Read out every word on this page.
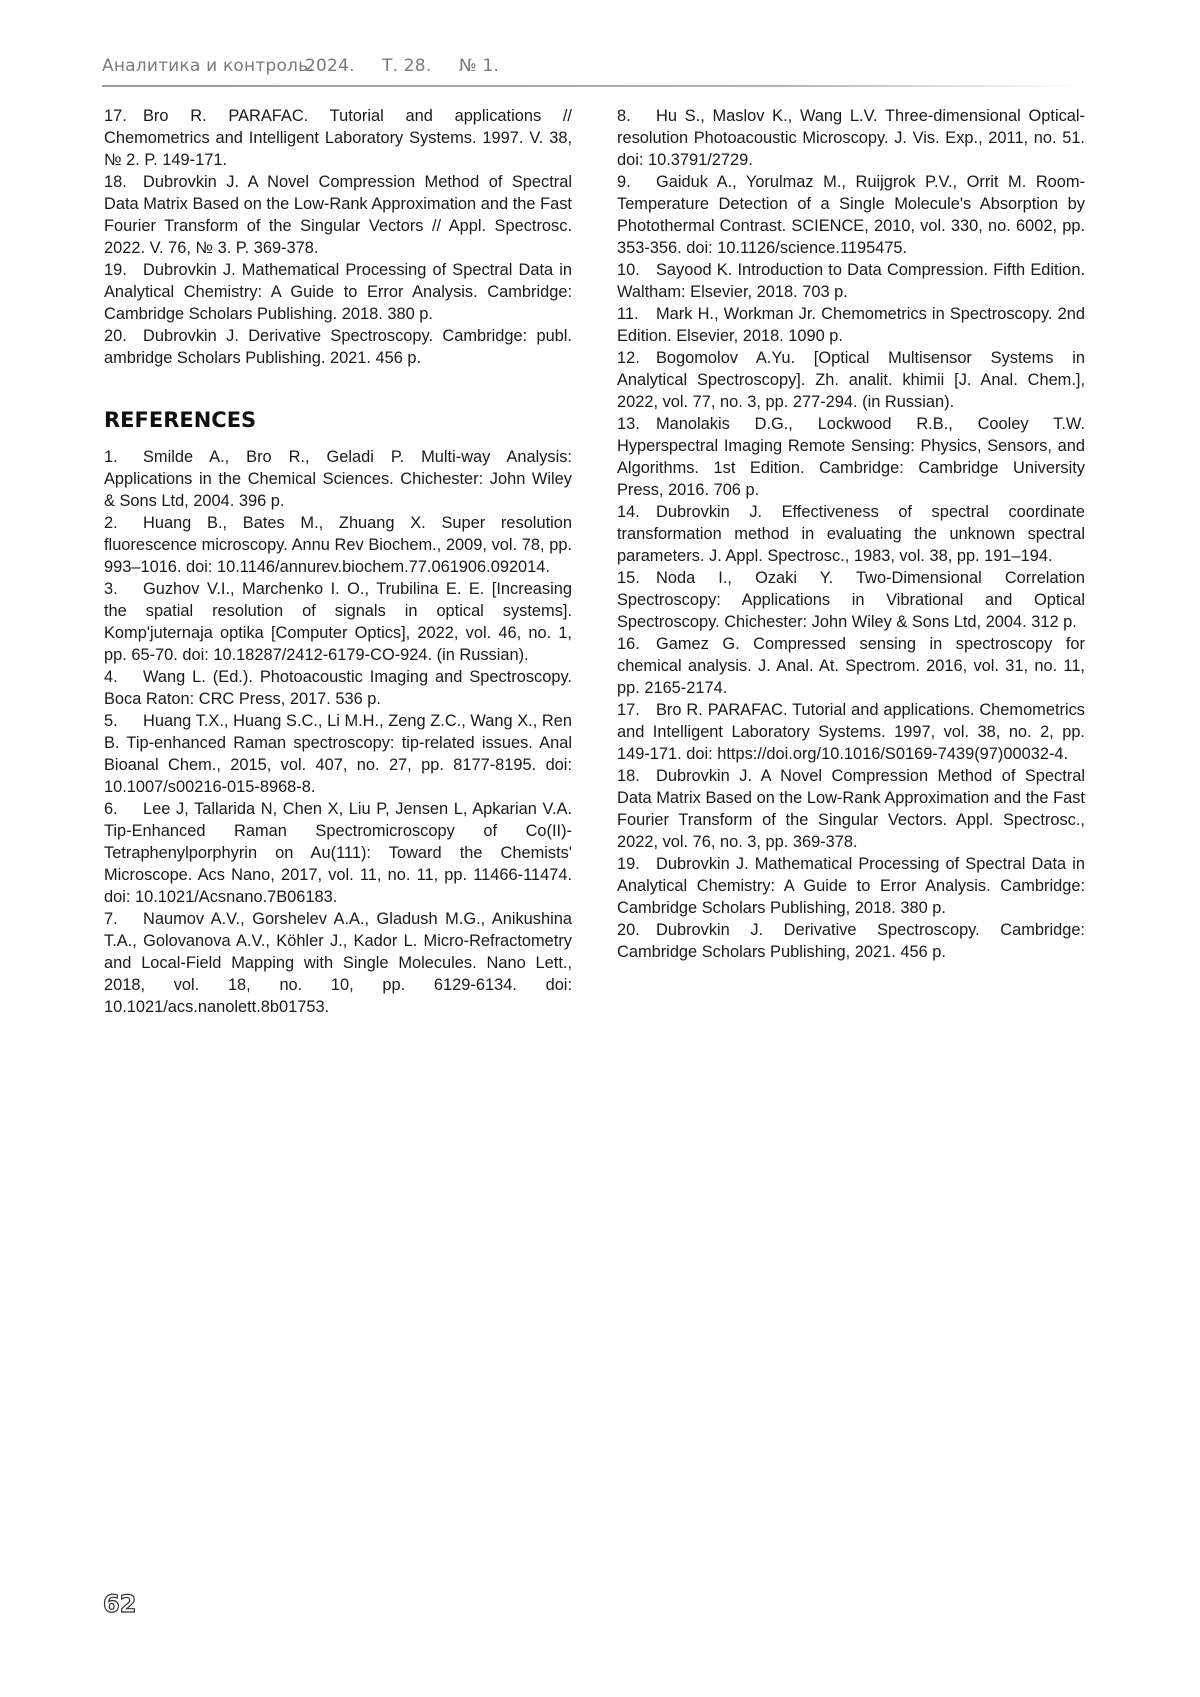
Аналитика и контроль.
2024. Т. 28. № 1.

17. Bro R. PARAFAC. Tutorial and applications // Chemometrics and Intelligent Laboratory Systems. 1997. V. 38, № 2. P. 149-171.

18. Dubrovkin J. A Novel Compression Method of Spectral Data Matrix Based on the Low-Rank Approximation and the Fast Fourier Transform of the Singular Vectors // Appl. Spectrosc. 2022. V. 76, № 3. P. 369-378.

19. Dubrovkin J. Mathematical Processing of Spectral Data in Analytical Chemistry: A Guide to Error Analysis. Cambridge: Cambridge Scholars Publishing. 2018. 380 p.

20. Dubrovkin J. Derivative Spectroscopy. Cambridge: publ. ambridge Scholars Publishing. 2021. 456 p.

REFERENCES

1. Smilde A., Bro R., Geladi P. Multi-way Analysis: Applications in the Chemical Sciences. Chichester: John Wiley & Sons Ltd, 2004. 396 p.

2. Huang B., Bates M., Zhuang X. Super resolution fluorescence microscopy. Annu Rev Biochem., 2009, vol. 78, pp. 993–1016. doi: 10.1146/annurev.biochem.77.061906.092014.

3. Guzhov V.I., Marchenko I. O., Trubilina E. E. [Increasing the spatial resolution of signals in optical systems]. Komp'juternaja optika [Computer Optics], 2022, vol. 46, no. 1, pp. 65-70. doi: 10.18287/2412-6179-CO-924. (in Russian).

4. Wang L. (Ed.). Photoacoustic Imaging and Spectroscopy. Boca Raton: CRC Press, 2017. 536 p.

5. Huang T.X., Huang S.C., Li M.H., Zeng Z.C., Wang X., Ren B. Tip-enhanced Raman spectroscopy: tip-related issues. Anal Bioanal Chem., 2015, vol. 407, no. 27, pp. 8177-8195. doi: 10.1007/s00216-015-8968-8.

6. Lee J, Tallarida N, Chen X, Liu P, Jensen L, Apkarian V.A. Tip-Enhanced Raman Spectromicroscopy of Co(II)-Tetraphenylporphyrin on Au(111): Toward the Chemists' Microscope. Acs Nano, 2017, vol. 11, no. 11, pp. 11466-11474. doi: 10.1021/Acsnano.7B06183.

7. Naumov A.V., Gorshelev A.A., Gladush M.G., Anikushina T.A., Golovanova A.V., Köhler J., Kador L. Micro-Refractometry and Local-Field Mapping with Single Molecules. Nano Lett., 2018, vol. 18, no. 10, pp. 6129-6134. doi: 10.1021/acs.nanolett.8b01753.

8. Hu S., Maslov K., Wang L.V. Three-dimensional Optical-resolution Photoacoustic Microscopy. J. Vis. Exp., 2011, no. 51. doi: 10.3791/2729.

9. Gaiduk A., Yorulmaz M., Ruijgrok P.V., Orrit M. Room-Temperature Detection of a Single Molecule's Absorption by Photothermal Contrast. SCIENCE, 2010, vol. 330, no. 6002, pp. 353-356. doi: 10.1126/science.1195475.

10. Sayood K. Introduction to Data Compression. Fifth Edition. Waltham: Elsevier, 2018. 703 p.

11. Mark H., Workman Jr. Chemometrics in Spectroscopy. 2nd Edition. Elsevier, 2018. 1090 p.

12. Bogomolov A.Yu. [Optical Multisensor Systems in Analytical Spectroscopy]. Zh. analit. khimii [J. Anal. Chem.], 2022, vol. 77, no. 3, pp. 277-294. (in Russian).

13. Manolakis D.G., Lockwood R.B., Cooley T.W. Hyperspectral Imaging Remote Sensing: Physics, Sensors, and Algorithms. 1st Edition. Cambridge: Cambridge University Press, 2016. 706 p.

14. Dubrovkin J. Effectiveness of spectral coordinate transformation method in evaluating the unknown spectral parameters. J. Appl. Spectrosc., 1983, vol. 38, pp. 191–194.

15. Noda I., Ozaki Y. Two-Dimensional Correlation Spectroscopy: Applications in Vibrational and Optical Spectroscopy. Chichester: John Wiley & Sons Ltd, 2004. 312 p.

16. Gamez G. Compressed sensing in spectroscopy for chemical analysis. J. Anal. At. Spectrom. 2016, vol. 31, no. 11, pp. 2165-2174.

17. Bro R. PARAFAC. Tutorial and applications. Chemometrics and Intelligent Laboratory Systems. 1997, vol. 38, no. 2, pp. 149-171. doi: https://doi.org/10.1016/S0169-7439(97)00032-4.

18. Dubrovkin J. A Novel Compression Method of Spectral Data Matrix Based on the Low-Rank Approximation and the Fast Fourier Transform of the Singular Vectors. Appl. Spectrosc., 2022, vol. 76, no. 3, pp. 369-378.

19. Dubrovkin J. Mathematical Processing of Spectral Data in Analytical Chemistry: A Guide to Error Analysis. Cambridge: Cambridge Scholars Publishing, 2018. 380 p.

20. Dubrovkin J. Derivative Spectroscopy. Cambridge: Cambridge Scholars Publishing, 2021. 456 p.

62
